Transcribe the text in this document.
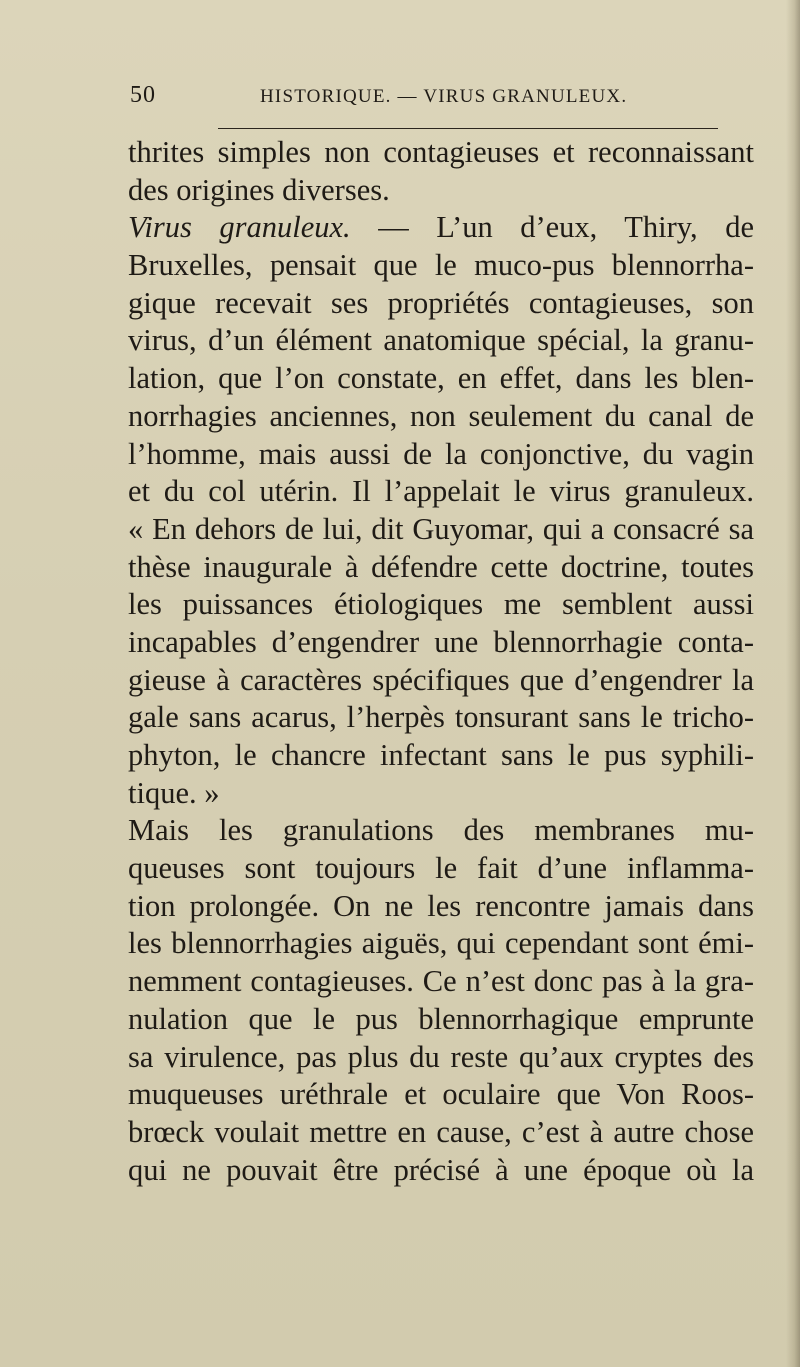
50	HISTORIQUE. — VIRUS GRANULEUX.
thrites simples non contagieuses et reconnaissant
des origines diverses.
Virus granuleux. — L’un d’eux, Thiry, de
Bruxelles, pensait que le muco-pus blennorrha-
gique recevait ses propriétés contagieuses, son
virus, d’un élément anatomique spécial, la granu-
lation, que l’on constate, en effet, dans les blen-
norrhagies anciennes, non seulement du canal de
l’homme, mais aussi de la conjonctive, du vagin
et du col utérin. Il l’appelait le virus granuleux.
« En dehors de lui, dit Guyomar, qui a consacré sa
thèse inaugurale à défendre cette doctrine, toutes
les puissances étiologiques me semblent aussi
incapables d’engendrer une blennorrhagie conta-
gieuse à caractères spécifiques que d’engendrer la
gale sans acarus, l’herpès tonsurant sans le tricho-
phyton, le chancre infectant sans le pus syphili-
tique. »
Mais les granulations des membranes mu-
queuses sont toujours le fait d’une inflamma-
tion prolongée. On ne les rencontre jamais dans
les blennorrhagies aiguës, qui cependant sont émi-
nemment contagieuses. Ce n’est donc pas à la gra-
nulation que le pus blennorrhagique emprunte
sa virulence, pas plus du reste qu’aux cryptes des
muqueuses uréthrale et oculaire que Von Roos-
brœck voulait mettre en cause, c’est à autre chose
qui ne pouvait être précisé à une époque où la
